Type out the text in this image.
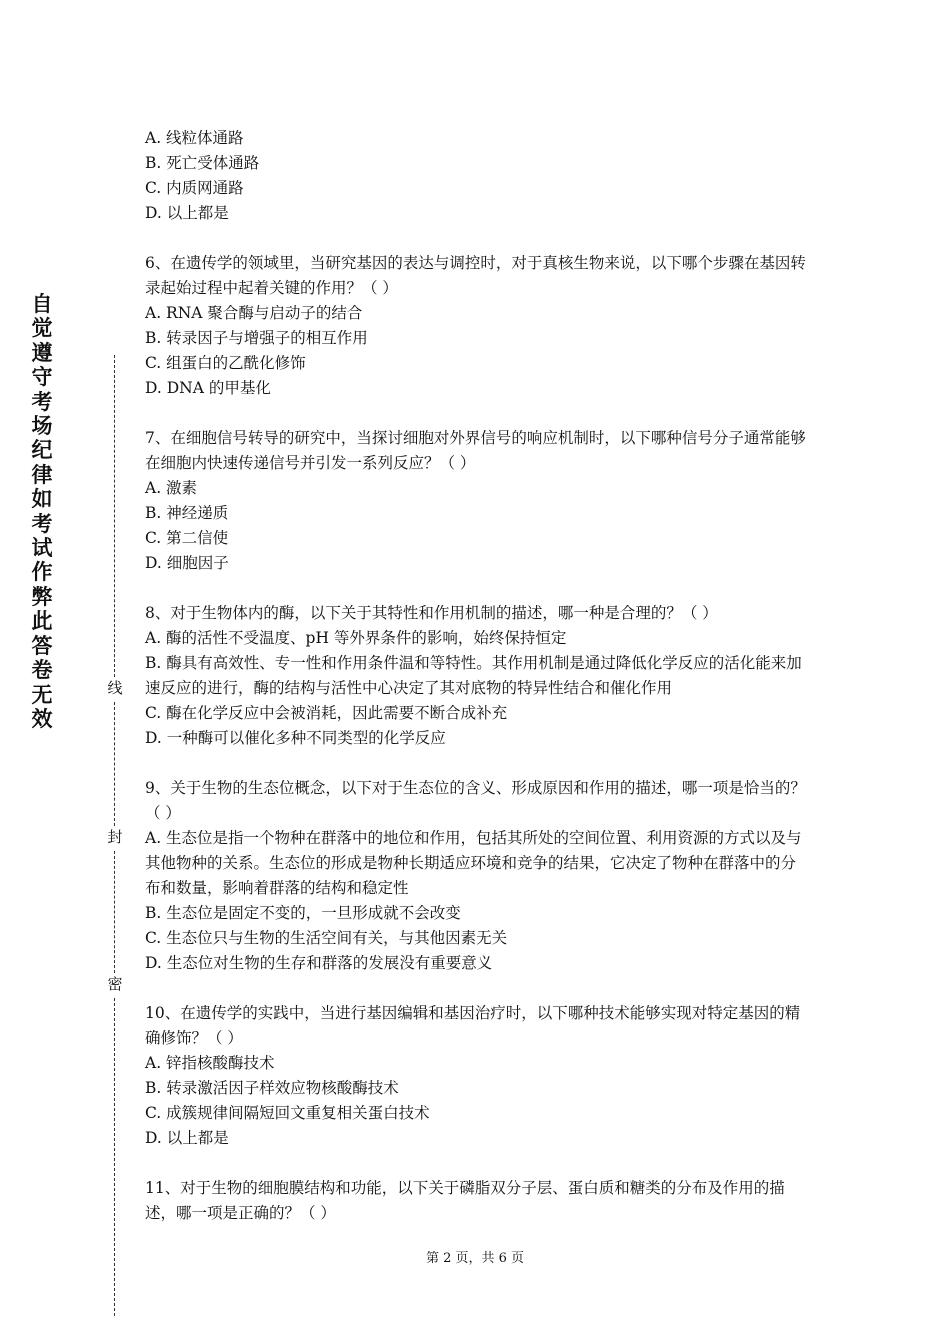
自觉遵守考场纪律如考试作弊此答卷无效
线
封
密

A. 线粒体通路

B. 死亡受体通路

C. 内质网通路

D. 以上都是

6、在遗传学的领域里，当研究基因的表达与调控时，对于真核生物来说，以下哪个步骤在基因转录起始过程中起着关键的作用？（ ）

A. RNA 聚合酶与启动子的结合

B. 转录因子与增强子的相互作用

C. 组蛋白的乙酰化修饰

D. DNA 的甲基化

7、在细胞信号转导的研究中，当探讨细胞对外界信号的响应机制时，以下哪种信号分子通常能够在细胞内快速传递信号并引发一系列反应？（ ）

A. 激素

B. 神经递质

C. 第二信使

D. 细胞因子

8、对于生物体内的酶，以下关于其特性和作用机制的描述，哪一种是合理的？（ ）

A. 酶的活性不受温度、pH 等外界条件的影响，始终保持恒定

B. 酶具有高效性、专一性和作用条件温和等特性。其作用机制是通过降低化学反应的活化能来加速反应的进行，酶的结构与活性中心决定了其对底物的特异性结合和催化作用

C. 酶在化学反应中会被消耗，因此需要不断合成补充

D. 一种酶可以催化多种不同类型的化学反应

9、关于生物的生态位概念，以下对于生态位的含义、形成原因和作用的描述，哪一项是恰当的？（ ）

A. 生态位是指一个物种在群落中的地位和作用，包括其所处的空间位置、利用资源的方式以及与其他物种的关系。生态位的形成是物种长期适应环境和竞争的结果，它决定了物种在群落中的分布和数量，影响着群落的结构和稳定性

B. 生态位是固定不变的，一旦形成就不会改变

C. 生态位只与生物的生活空间有关，与其他因素无关

D. 生态位对生物的生存和群落的发展没有重要意义

10、在遗传学的实践中，当进行基因编辑和基因治疗时，以下哪种技术能够实现对特定基因的精确修饰？（ ）

A. 锌指核酸酶技术

B. 转录激活因子样效应物核酸酶技术

C. 成簇规律间隔短回文重复相关蛋白技术

D. 以上都是

11、对于生物的细胞膜结构和功能，以下关于磷脂双分子层、蛋白质和糖类的分布及作用的描述，哪一项是正确的？（ ）

第 2 页，共 6 页
